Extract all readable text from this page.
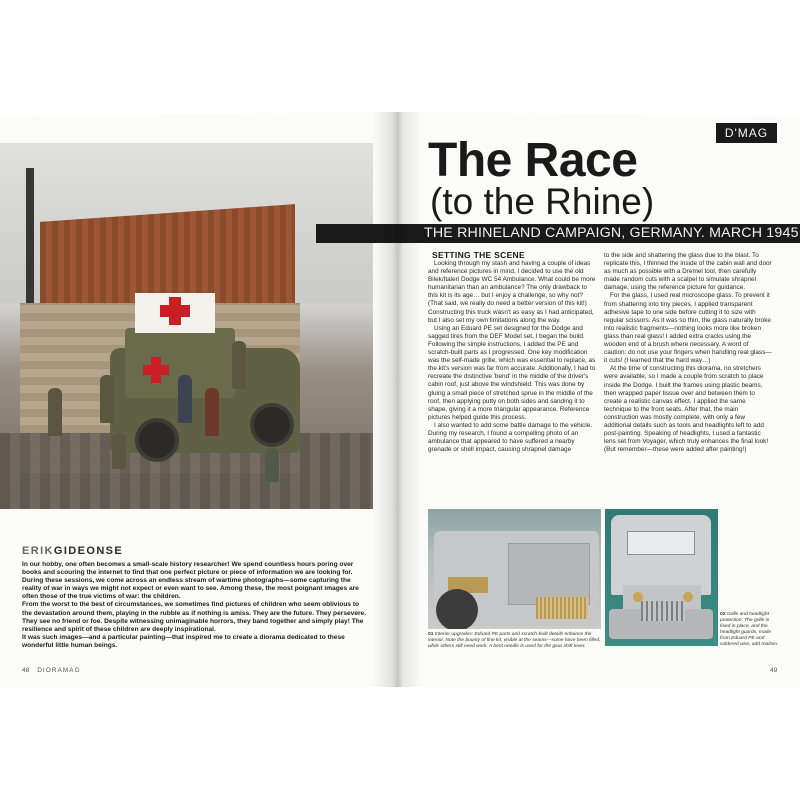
ERIKGIDEONSE

In our hobby, one often becomes a small-scale history researcher! We spend countless hours poring over books and scouring the internet to find that one perfect picture or piece of information we are looking for. During these sessions, we come across an endless stream of wartime photographs—some capturing the reality of war in ways we might not expect or even want to see. Among these, the most poignant images are often those of the true victims of war: the children.

From the worst to the best of circumstances, we sometimes find pictures of children who seem oblivious to the devastation around them, playing in the rubble as if nothing is amiss. They are the future. They persevere. They see no friend or foe. Despite witnessing unimaginable horrors, they band together and simply play! The resilience and spirit of these children are deeply inspirational.

It was such images—and a particular painting—that inspired me to create a diorama dedicated to these wonderful little human beings.

48 DIORAMAG
D'MAG
The Race
(to the Rhine)
THE RHINELAND CAMPAIGN, GERMANY. MARCH 1945
SETTING THE SCENE

Looking through my stash and having a couple of ideas and reference pictures in mind, I decided to use the old Bilek/Italeri Dodge WC 54 Ambulance. What could be more humanitarian than an ambulance? The only drawback to this kit is its age… but I enjoy a challenge, so why not? (That said, we really do need a better version of this kit!) Constructing this truck wasn't as easy as I had anticipated, but I also set my own limitations along the way.

Using an Eduard PE set designed for the Dodge and sagged tires from the DEF Model set, I began the build. Following the simple instructions, I added the PE and scratch-built parts as I progressed. One key modification was the self-made grille, which was essential to replace, as the kit's version was far from accurate. Additionally, I had to recreate the distinctive 'bend' in the middle of the driver's cabin roof, just above the windshield. This was done by gluing a small piece of stretched sprue in the middle of the roof, then applying putty on both sides and sanding it to shape, giving it a more triangular appearance. Reference pictures helped guide this process.

I also wanted to add some battle damage to the vehicle. During my research, I found a compelling photo of an ambulance that appeared to have suffered a nearby grenade or shell impact, causing shrapnel damage

to the side and shattering the glass due to the blast. To replicate this, I thinned the inside of the cabin wall and door as much as possible with a Dremel tool, then carefully made random cuts with a scalpel to simulate shrapnel damage, using the reference picture for guidance.

For the glass, I used real microscope glass. To prevent it from shattering into tiny pieces, I applied transparent adhesive tape to one side before cutting it to size with regular scissors. As it was so thin, the glass naturally broke into realistic fragments—nothing looks more like broken glass than real glass! I added extra cracks using the wooden end of a brush where necessary. A word of caution: do not use your fingers when handling real glass—it cuts! (I learned that the hard way…)

At the time of constructing this diorama, no stretchers were available, so I made a couple from scratch to place inside the Dodge. I built the frames using plastic beams, then wrapped paper tissue over and between them to create a realistic canvas effect. I applied the same technique to the front seats. After that, the main construction was mostly complete, with only a few additional details such as tools and headlights left to add post-painting. Speaking of headlights, I used a fantastic lens set from Voyager, which truly enhances the final look! (But remember—these were added after painting!)

01 Interior upgrades: Eduard PE parts and scratch-built details enhance the interior. Note the bounty of fine kit, visible at the seams—some have been filled, while others still need work. A bent needle is used for the gear shift lever.
02 Grille and headlight protection: The grille is fixed in place, and the headlight guards, made from Eduard PE and soldered wire, add realism.
49
